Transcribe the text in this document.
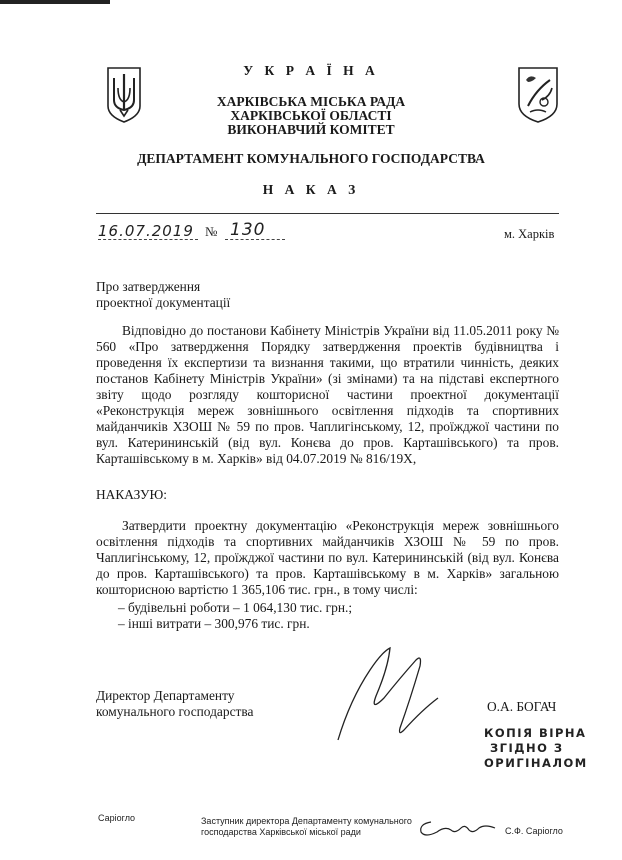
У К Р А Ї Н А
ХАРКІВСЬКА МІСЬКА РАДА
ХАРКІВСЬКОЇ ОБЛАСТІ
ВИКОНАВЧИЙ КОМІТЕТ
ДЕПАРТАМЕНТ КОМУНАЛЬНОГО ГОСПОДАРСТВА
Н А К А З
16.07.2019 № 130	м. Харків
Про затвердження
проектної документації
Відповідно до постанови Кабінету Міністрів України від 11.05.2011 року № 560 «Про затвердження Порядку затвердження проектів будівництва і проведення їх експертизи та визнання такими, що втратили чинність, деяких постанов Кабінету Міністрів України» (зі змінами) та на підставі експертного звіту щодо розгляду кошторисної частини проектної документації «Реконструкція мереж зовнішнього освітлення підходів та спортивних майданчиків ХЗОШ № 59 по пров. Чаплигінському, 12, проїжджої частини по вул. Катерининській (від вул. Конєва до пров. Карташівського) та пров. Карташівському в м. Харків» від 04.07.2019 № 816/19Х,
НАКАЗУЮ:
Затвердити проектну документацію «Реконструкція мереж зовнішнього освітлення підходів та спортивних майданчиків ХЗОШ № 59 по пров. Чаплигінському, 12, проїжджої частини по вул. Катерининській (від вул. Конєва до пров. Карташівського) та пров. Карташівському в м. Харків» загальною кошторисною вартістю 1 365,106 тис. грн., в тому числі:
– будівельні роботи – 1 064,130 тис. грн.;
– інші витрати – 300,976 тис. грн.
Директор Департаменту
комунального господарства	О.А. БОГАЧ
КОПІЯ ВІРНА
ЗГІДНО З
ОРИГІНАЛОМ
Саріогло	Заступник директора Департаменту комунального
господарства Харківської міської ради	С.Ф. Саріогло
